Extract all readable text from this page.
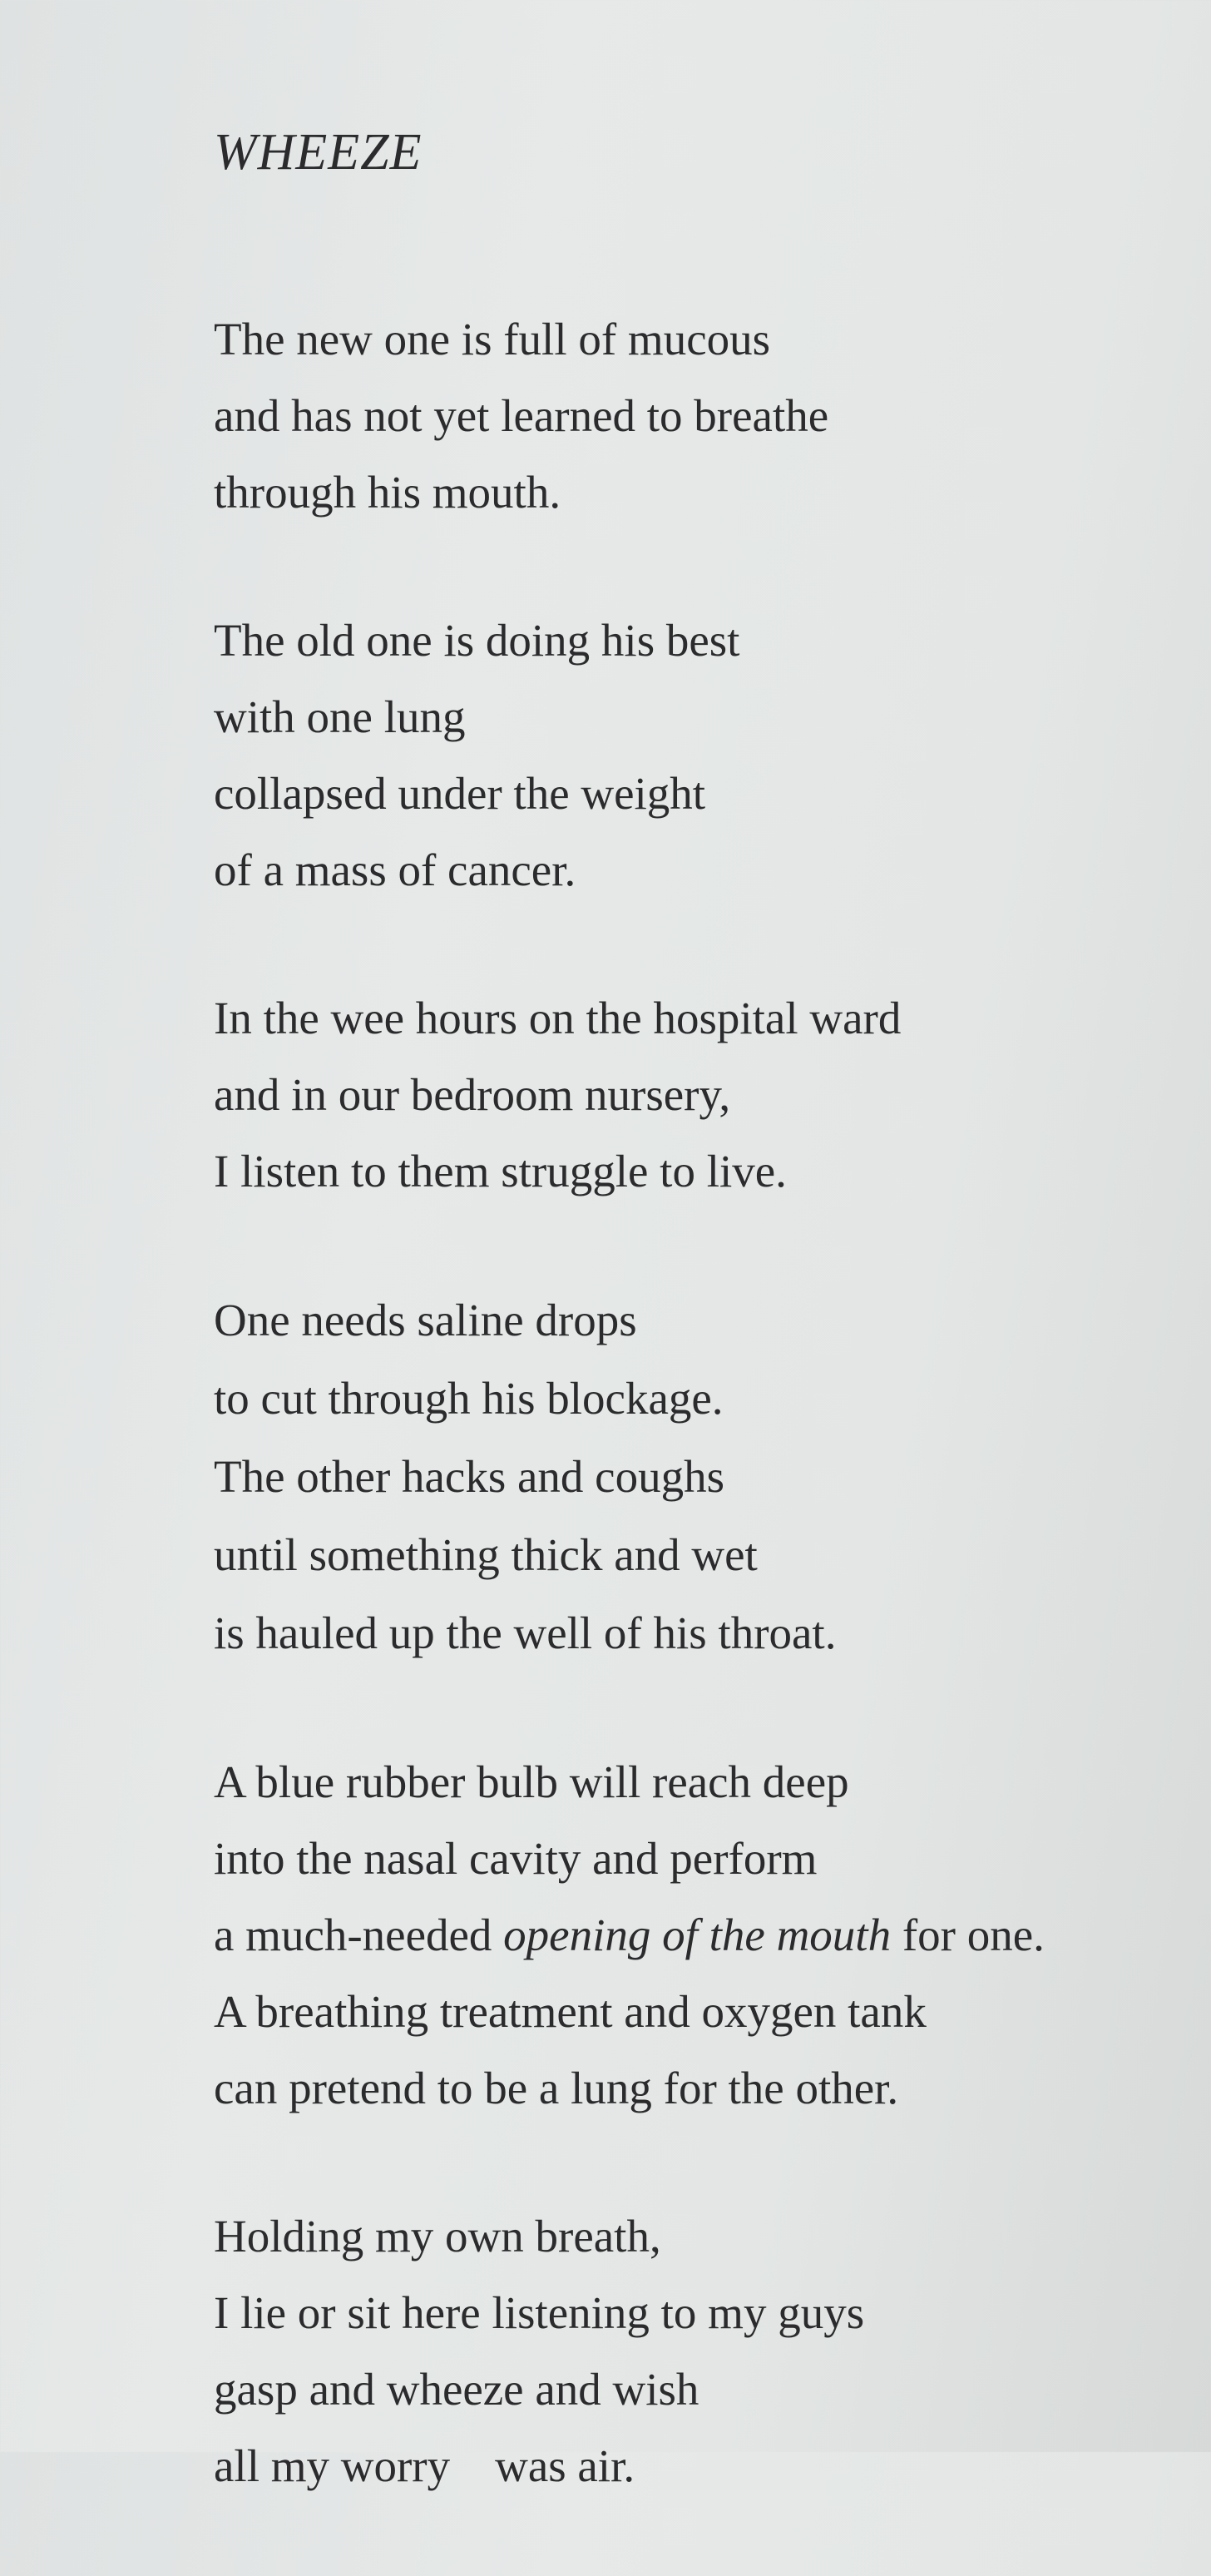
WHEEZE
The new one is full of mucous
and has not yet learned to breathe
through his mouth.
The old one is doing his best
with one lung
collapsed under the weight
of a mass of cancer.
In the wee hours on the hospital ward
and in our bedroom nursery,
I listen to them struggle to live.
One needs saline drops
to cut through his blockage.
The other hacks and coughs
until something thick and wet
is hauled up the well of his throat.
A blue rubber bulb will reach deep
into the nasal cavity and perform
a much-needed opening of the mouth for one.
A breathing treatment and oxygen tank
can pretend to be a lung for the other.
Holding my own breath,
I lie or sit here listening to my guys
gasp and wheeze and wish
all my worry was air.
